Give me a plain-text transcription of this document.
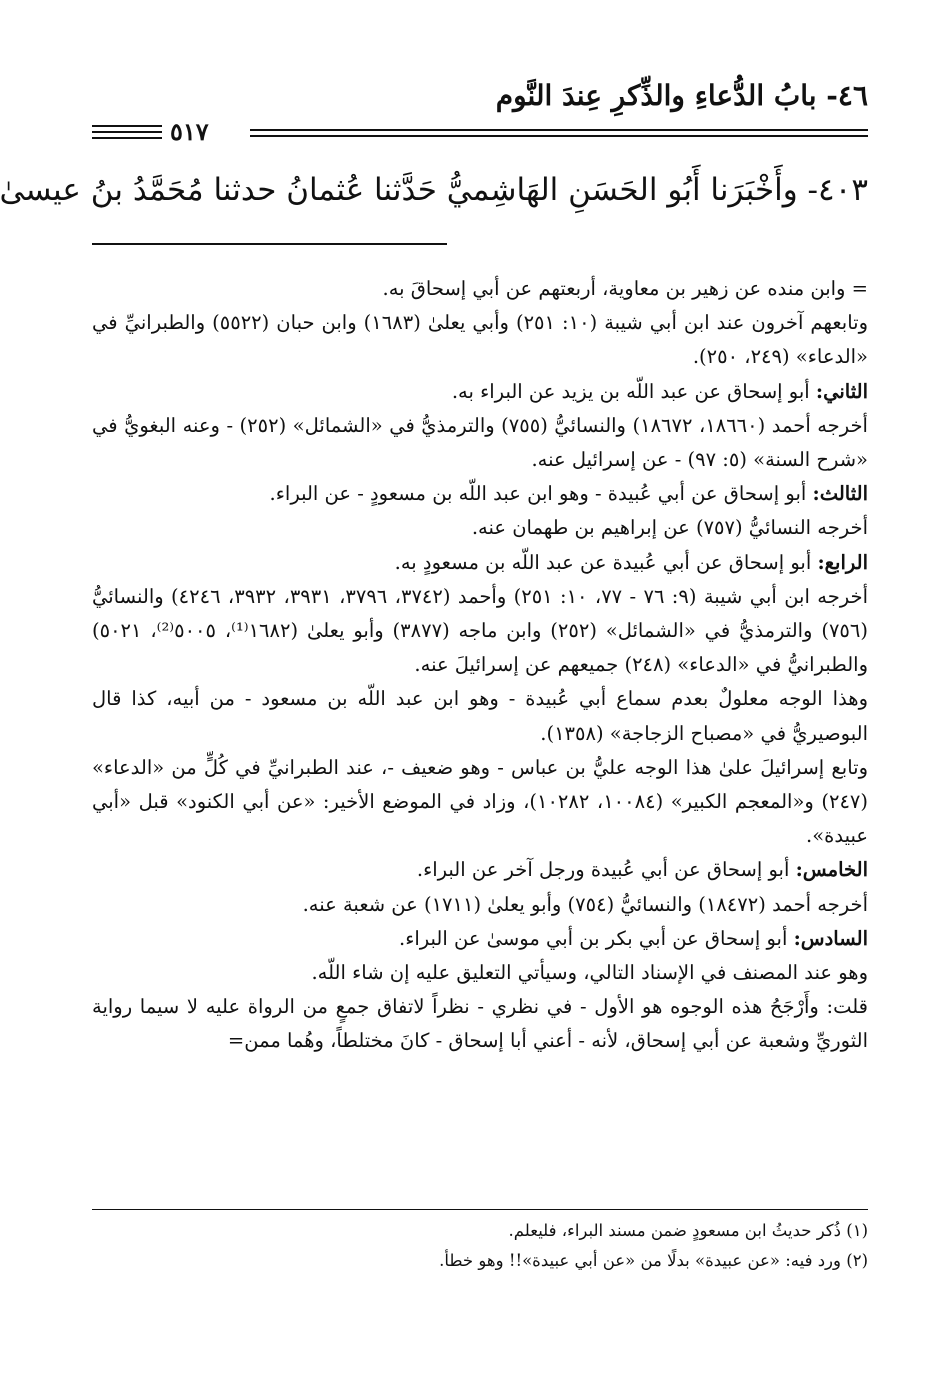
٤٦- بابُ الدُّعاءِ والذِّكرِ عِندَ النَّوم
٥١٧
٤٠٣- وأَخْبَرَنا أَبُو الحَسَنِ الهَاشِميُّ حَدَّثنا عُثمانُ حدثنا مُحَمَّدُ بنُ عيسىٰ

= وابن منده عن زهير بن معاوية، أربعتهم عن أبي إسحاقَ به.

وتابعهم آخرون عند ابن أبي شيبة (١٠: ٢٥١) وأبي يعلىٰ (١٦٨٣) وابن حبان (٥٥٢٢) والطبرانيِّ في «الدعاء» (٢٤٩، ٢٥٠).

الثاني: أبو إسحاق عن عبد اللّه بن يزيد عن البراء به.

أخرجه أحمد (١٨٦٦٠، ١٨٦٧٢) والنسائيُّ (٧٥٥) والترمذيُّ في «الشمائل» (٢٥٢) - وعنه البغويُّ في «شرح السنة» (٥: ٩٧) - عن إسرائيل عنه.

الثالث: أبو إسحاق عن أبي عُبيدة - وهو ابن عبد اللّه بن مسعودٍ - عن البراء.

أخرجه النسائيُّ (٧٥٧) عن إبراهيم بن طهمان عنه.

الرابع: أبو إسحاق عن أبي عُبيدة عن عبد اللّه بن مسعودٍ به.

أخرجه ابن أبي شيبة (٩: ٧٦ - ٧٧، ١٠: ٢٥١) وأحمد (٣٧٤٢، ٣٧٩٦، ٣٩٣١، ٣٩٣٢، ٤٢٤٦) والنسائيُّ (٧٥٦) والترمذيُّ في «الشمائل» (٢٥٢) وابن ماجه (٣٨٧٧) وأبو يعلىٰ (١٦٨٢⁽¹⁾، ٥٠٠٥⁽²⁾، ٥٠٢١) والطبرانيُّ في «الدعاء» (٢٤٨) جميعهم عن إسرائيلَ عنه.

وهذا الوجه معلولٌ بعدم سماع أبي عُبيدة - وهو ابن عبد اللّه بن مسعود - من أبيه، كذا قال البوصيريُّ في «مصباح الزجاجة» (١٣٥٨).

وتابع إسرائيلَ علىٰ هذا الوجه عليُّ بن عباس - وهو ضعيف -، عند الطبرانيِّ في كُلٍّ من «الدعاء» (٢٤٧) و«المعجم الكبير» (١٠٠٨٤، ١٠٢٨٢)، وزاد في الموضع الأخير: «عن أبي الكنود» قبل «أبي عبيدة».

الخامس: أبو إسحاق عن أبي عُبيدة ورجل آخر عن البراء.

أخرجه أحمد (١٨٤٧٢) والنسائيُّ (٧٥٤) وأبو يعلىٰ (١٧١١) عن شعبة عنه.

السادس: أبو إسحاق عن أبي بكر بن أبي موسىٰ عن البراء.

وهو عند المصنف في الإسناد التالي، وسيأتي التعليق عليه إن شاء اللّه.

قلت: وأَرْجَحُ هذه الوجوه هو الأول - في نظري - نظراً لاتفاق جمعٍ من الرواة عليه لا سيما رواية الثوريِّ وشعبة عن أبي إسحاق، لأنه - أعني أبا إسحاق - كانَ مختلطاً، وهُما ممن=

(١) ذُكر حديثُ ابن مسعودٍ ضمن مسند البراء، فليعلم.

(٢) ورد فيه: «عن عبيدة» بدلًا من «عن أبي عبيدة»!! وهو خطأ.
